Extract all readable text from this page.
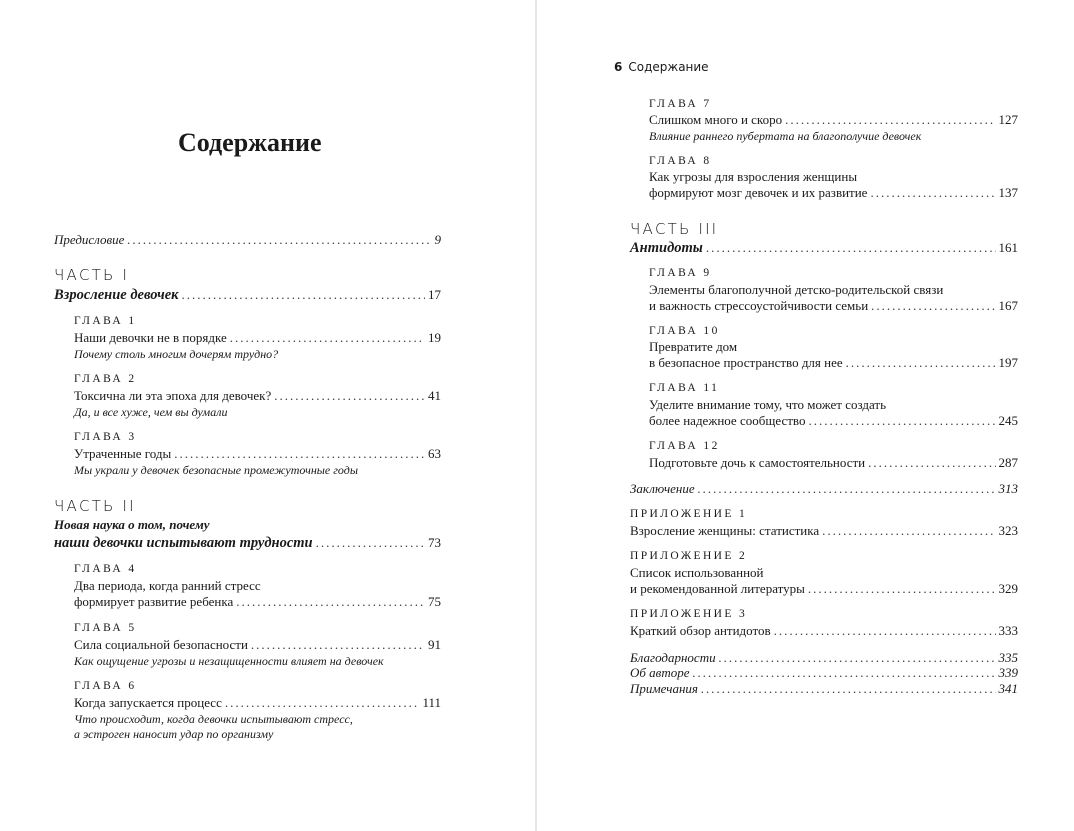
Содержание
Предисловие .....	9
ЧАСТЬ I
Взросление девочек .....	17
ГЛАВА 1
Наши девочки не в порядке .....	19
Почему столь многим дочерям трудно?
ГЛАВА 2
Токсична ли эта эпоха для девочек? .....	41
Да, и все хуже, чем вы думали
ГЛАВА 3
Утраченные годы .....	63
Мы украли у девочек безопасные промежуточные годы
ЧАСТЬ II
Новая наука о том, почему
наши девочки испытывают трудности .....	73
ГЛАВА 4
Два периода, когда ранний стресс
формирует развитие ребенка .....	75
ГЛАВА 5
Сила социальной безопасности .....	91
Как ощущение угрозы и незащищенности влияет на девочек
ГЛАВА 6
Когда запускается процесс .....	111
Что происходит, когда девочки испытывают стресс,
а эстроген наносит удар по организму
6 Содержание
ГЛАВА 7
Слишком много и скоро .....	127
Влияние раннего пубертата на благополучие девочек
ГЛАВА 8
Как угрозы для взросления женщины
формируют мозг девочек и их развитие .....	137
ЧАСТЬ III
Антидоты .....	161
ГЛАВА 9
Элементы благополучной детско-родительской связи
и важность стрессоустойчивости семьи .....	167
ГЛАВА 10
Превратите дом
в безопасное пространство для нее .....	197
ГЛАВА 11
Уделите внимание тому, что может создать
более надежное сообщество .....	245
ГЛАВА 12
Подготовьте дочь к самостоятельности .....	287
Заключение .....	313
ПРИЛОЖЕНИЕ 1
Взросление женщины: статистика .....	323
ПРИЛОЖЕНИЕ 2
Список использованной
и рекомендованной литературы .....	329
ПРИЛОЖЕНИЕ 3
Краткий обзор антидотов .....	333
Благодарности .....	335
Об авторе .....	339
Примечания .....	341
